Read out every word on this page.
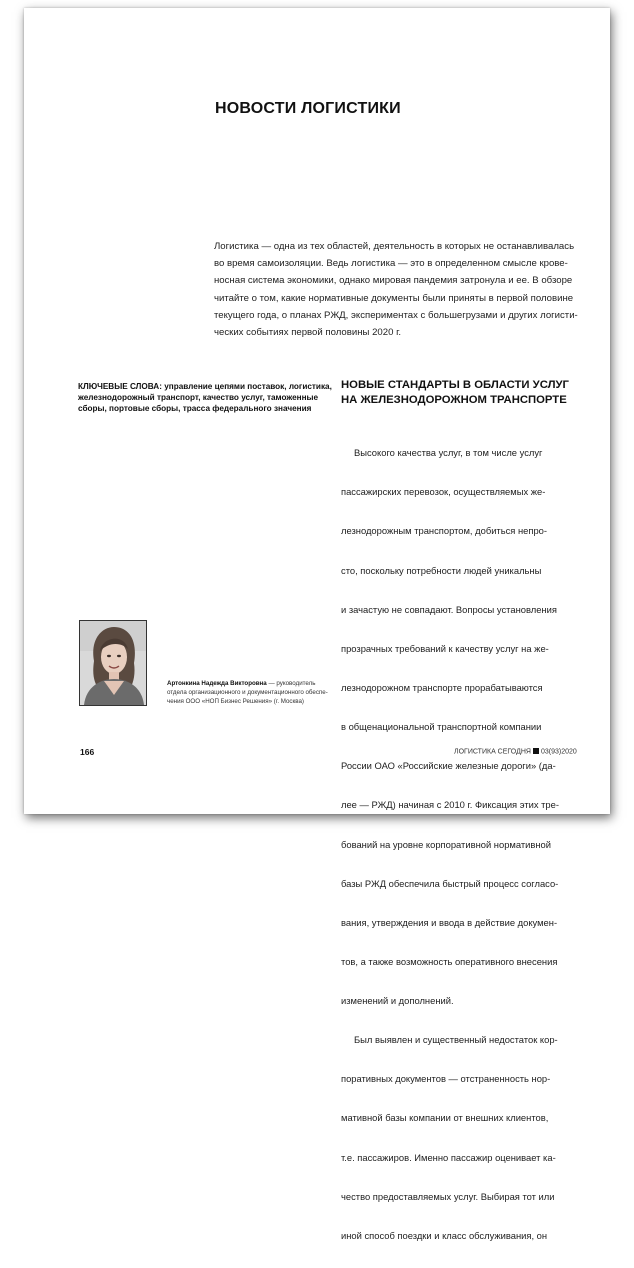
НОВОСТИ ЛОГИСТИКИ
Логистика — одна из тех областей, деятельность в которых не останавливалась
во время самоизоляции. Ведь логистика — это в определенном смысле крове-
носная система экономики, однако мировая пандемия затронула и ее. В обзоре
читайте о том, какие нормативные документы были приняты в первой половине
текущего года, о планах РЖД, экспериментах с большегрузами и других логисти-
ческих событиях первой половины 2020 г.
КЛЮЧЕВЫЕ СЛОВА: управление цепями поставок, логистика,
железнодорожный транспорт, качество услуг, таможенные
сборы, портовые сборы, трасса федерального значения
НОВЫЕ СТАНДАРТЫ В ОБЛАСТИ УСЛУГ
НА ЖЕЛЕЗНОДОРОЖНОМ ТРАНСПОРТЕ

Высокого качества услуг, в том числе услуг

пассажирских перевозок, осуществляемых же-

лезнодорожным транспортом, добиться непро-

сто, поскольку потребности людей уникальны

и зачастую не совпадают. Вопросы установления

прозрачных требований к качеству услуг на же-

лезнодорожном транспорте прорабатываются

в общенациональной транспортной компании

России ОАО «Российские железные дороги» (да-

лее — РЖД) начиная с 2010 г. Фиксация этих тре-

бований на уровне корпоративной нормативной

базы РЖД обеспечила быстрый процесс согласо-

вания, утверждения и ввода в действие докумен-

тов, а также возможность оперативного внесения

изменений и дополнений.

Был выявлен и существенный недостаток кор-

поративных документов — отстраненность нор-

мативной базы компании от внешних клиентов,

т.е. пассажиров. Именно пассажир оценивает ка-

чество предоставляемых услуг. Выбирая тот или

иной способ поездки и класс обслуживания, он

Артонкина Надежда Викторовна — руководитель
отдела организационного и документационного обеспе-
чения ООО «НОП Бизнес Решения» (г. Москва)
166	ЛОГИСТИКА СЕГОДНЯ 03(93)2020
